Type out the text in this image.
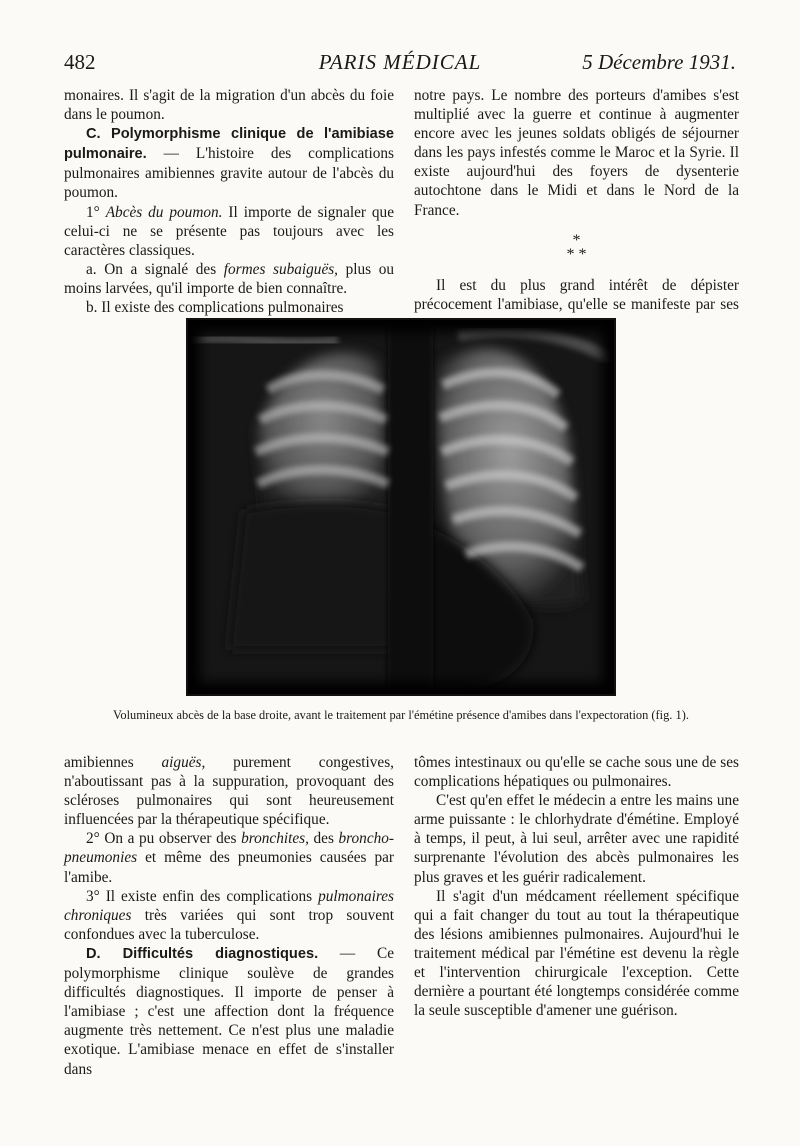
482	PARIS MÉDICAL	5 Décembre 1931.

monaires. Il s'agit de la migration d'un abcès du foie dans le poumon.

C. Polymorphisme clinique de l'amibiase pulmonaire. — L'histoire des complications pulmonaires amibiennes gravite autour de l'abcès du poumon.

1° Abcès du poumon. Il importe de signaler que celui-ci ne se présente pas toujours avec les caractères classiques.

a. On a signalé des formes subaiguës, plus ou moins larvées, qu'il importe de bien connaître.

b. Il existe des complications pulmonaires

notre pays. Le nombre des porteurs d'amibes s'est multiplié avec la guerre et continue à augmenter encore avec les jeunes soldats obligés de séjourner dans les pays infestés comme le Maroc et la Syrie. Il existe aujourd'hui des foyers de dysenterie autochtone dans le Midi et dans le Nord de la France.

*
* *

Il est du plus grand intérêt de dépister précocement l'amibiase, qu'elle se manifeste par ses

Volumineux abcès de la base droite, avant le traitement par l'émétine présence d'amibes dans l'expectoration (fig. 1).

amibiennes aiguës, purement congestives, n'aboutissant pas à la suppuration, provoquant des scléroses pulmonaires qui sont heureusement influencées par la thérapeutique spécifique.

2° On a pu observer des bronchites, des broncho-pneumonies et même des pneumonies causées par l'amibe.

3° Il existe enfin des complications pulmonaires chroniques très variées qui sont trop souvent confondues avec la tuberculose.

D. Difficultés diagnostiques. — Ce polymorphisme clinique soulève de grandes difficultés diagnostiques. Il importe de penser à l'amibiase ; c'est une affection dont la fréquence augmente très nettement. Ce n'est plus une maladie exotique. L'amibiase menace en effet de s'installer dans

tômes intestinaux ou qu'elle se cache sous une de ses complications hépatiques ou pulmonaires.

C'est qu'en effet le médecin a entre les mains une arme puissante : le chlorhydrate d'émétine. Employé à temps, il peut, à lui seul, arrêter avec une rapidité surprenante l'évolution des abcès pulmonaires les plus graves et les guérir radicalement.

Il s'agit d'un médcament réellement spécifique qui a fait changer du tout au tout la thérapeutique des lésions amibiennes pulmonaires. Aujourd'hui le traitement médical par l'émétine est devenu la règle et l'intervention chirurgicale l'exception. Cette dernière a pourtant été longtemps considérée comme la seule susceptible d'amener une guérison.
